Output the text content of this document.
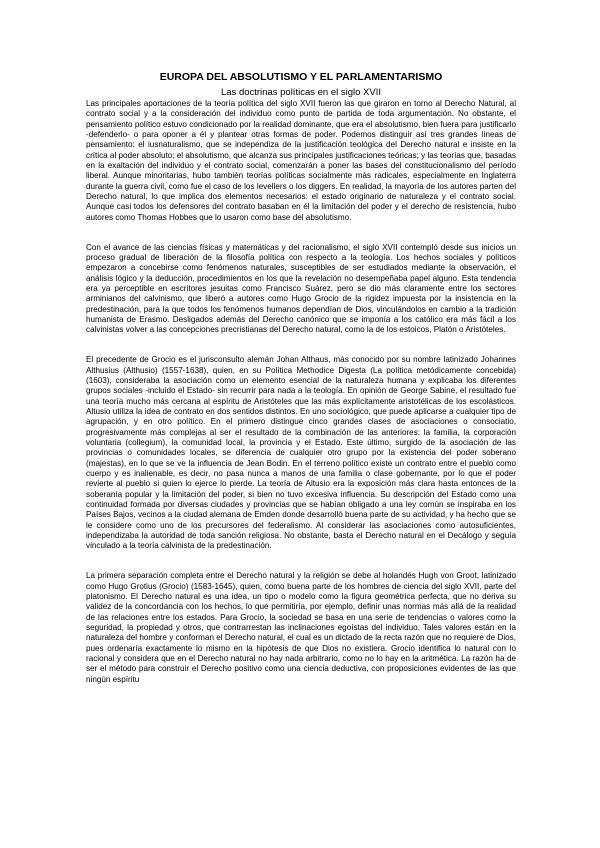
EUROPA DEL ABSOLUTISMO Y EL PARLAMENTARISMO
Las doctrinas políticas en el siglo XVII

Las principales aportaciones de la teoría política del siglo XVII fueron las que giraron en torno al Derecho Natural, al contrato social y a la consideración del individuo como punto de partida de toda argumentación. No obstante, el pensamiento político estuvo condicionado por la realidad dominante, que era el absolutismo, bien fuera para justificarlo -defenderlo- o para oponer a él y plantear otras formas de poder. Podemos distinguir así tres grandes líneas de pensamiento: el iusnaturalismo, que se independiza de la justificación teológica del Derecho natural e insiste en la crítica al poder absoluto; el absolutismo, que alcanza sus principales justificaciones teóricas; y las teorías que, basadas en la exaltación del individuo y el contrato social, comenzarán a poner las bases del constitucionalismo del período liberal. Aunque minoritarias, hubo también teorías políticas socialmente más radicales, especialmente en Inglaterra durante la guerra civil, como fue el caso de los levellers o los diggers. En realidad, la mayoría de los autores parten del Derecho natural, lo que implica dos elementos necesarios: el estado originario de naturaleza y el contrato social. Aunque casi todos los defensores del contrato basaban en él la limitación del poder y el derecho de resistencia, hubo autores como Thomas Hobbes que lo usaron como base del absolutismo.

Con el avance de las ciencias físicas y matemáticas y del racionalismo, el siglo XVII contempló desde sus inicios un proceso gradual de liberación de la filosofía política con respecto a la teología. Los hechos sociales y políticos empezaron a concebirse como fenómenos naturales, susceptibles de ser estudiados mediante la observación, el análisis lógico y la deducción, procedimientos en los que la revelación no desempeñaba papel alguno. Esta tendencia era ya perceptible en escritores jesuitas como Francisco Suárez, pero se dio más claramente entre los sectores arminianos del calvinismo, que liberó a autores como Hugo Grocio de la rigidez impuesta por la insistencia en la predestinación, para la que todos los fenómenos humanos dependían de Dios, vinculándolos en cambio a la tradición humanista de Erasmo. Desligados además del Derecho canónico que se imponía a los católico era más fácil a los calvinistas volver a las concepciones precristianas del Derecho natural, como la de los estoicos, Platón o Aristóteles.

El precedente de Grocio es el jurisconsulto alemán Johan Althaus, más conocido por su nombre latinizado Johannes Althusius (Althusio) (1557-1638), quien, en su Política Methodice Digesta (La política metódicamente concebida) (1603), consideraba la asociación como un elemento esencial de la naturaleza humana y explicaba los diferentes grupos sociales -incluido el Estado- sin recurrir para nada a la teología. En opinión de George Sabine, el resultado fue una teoría mucho más cercana al espíritu de Aristóteles que las más explícitamente aristotélicas de los escolásticos. Altusio utiliza la idea de contrato en dos sentidos distintos. En uno sociológico, que puede aplicarse a cualquier tipo de agrupación, y en otro político. En el primero distingue cinco grandes clases de asociaciones o consociatio, progresivamente más complejas al ser el resultado de la combinación de las anteriores: la familia, la corporación voluntaria (collegium), la comunidad local, la provincia y el Estado. Este último, surgido de la asociación de las provincias o comunidades locales, se diferencia de cualquier otro grupo por la existencia del poder soberano (majestas), en lo que se ve la influencia de Jean Bodin. En el terreno político existe un contrato entre el pueblo como cuerpo y es inalienable, es decir, no pasa nunca a manos de una familia o clase gobernante, por lo que el poder revierte al pueblo si quien lo ejerce lo pierde. La teoría de Altusio era la exposición más clara hasta entonces de la soberanía popular y la limitación del poder, si bien no tuvo excesiva influencia. Su descripción del Estado como una continuidad formada por diversas ciudades y provincias que se habían obligado a una ley común se inspiraba en los Países Bajos, vecinos a la ciudad alemana de Emden donde desarrolló buena parte de su actividad, y ha hecho que se le considere como uno de los precursores del federalismo. Al considerar las asociaciones como autosuficientes, independizaba la autoridad de toda sanción religiosa. No obstante, basta el Derecho natural en el Decálogo y seguía vinculado a la teoría calvinista de la predestinación.

La primera separación completa entre el Derecho natural y la religión se debe al holandés Hugh von Groot, latinizado como Hugo Grotius (Grocio) (1583-1645), quien, como buena parte de los hombres de ciencia del siglo XVII, parte del platonismo. El Derecho natural es una idea, un tipo o modelo como la figura geométrica perfecta, que no deriva su validez de la concordancia con los hechos, lo que permitiría, por ejemplo, definir unas normas más allá de la realidad de las relaciones entre los estados. Para Grocio, la sociedad se basa en una serie de tendencias o valores como la seguridad, la propiedad y otros, que contrarrestan las inclinaciones egoístas del individuo. Tales valores están en la naturaleza del hombre y conforman el Derecho natural, el cual es un dictado de la recta razón que no requiere de Dios, pues ordenaría exactamente lo mismo en la hipótesis de que Dios no existiera. Grocio identifica lo natural con lo racional y considera que en el Derecho natural no hay nada arbitrario, como no lo hay en la aritmética. La razón ha de ser el método para construir el Derecho positivo como una ciencia deductiva, con proposiciones evidentes de las que ningún espíritu
